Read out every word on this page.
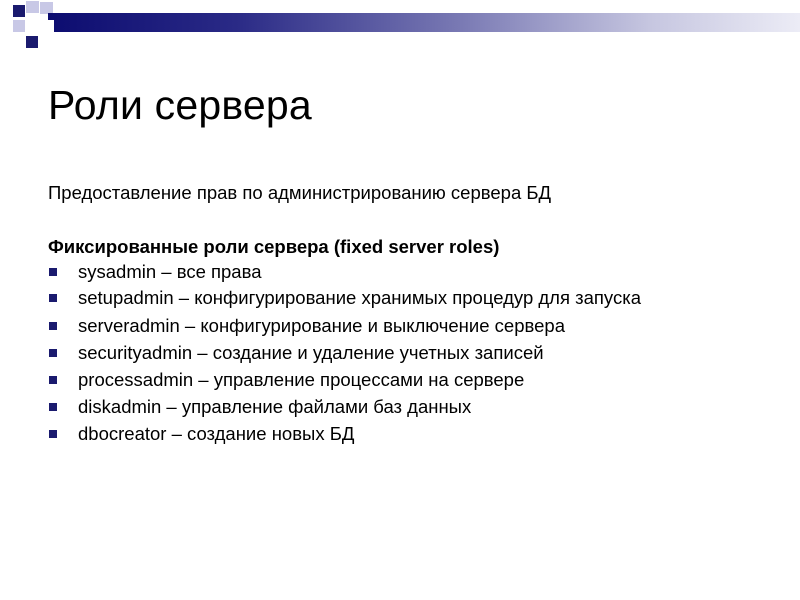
Роли сервера
Предоставление прав по администрированию сервера БД
Фиксированные роли сервера (fixed server roles)
sysadmin – все права
setupadmin – конфигурирование хранимых процедур для запуска
serveradmin – конфигурирование и выключение сервера
securityadmin – создание и удаление учетных записей
processadmin – управление процессами на сервере
diskadmin – управление файлами баз данных
dbocreator – создание новых БД
